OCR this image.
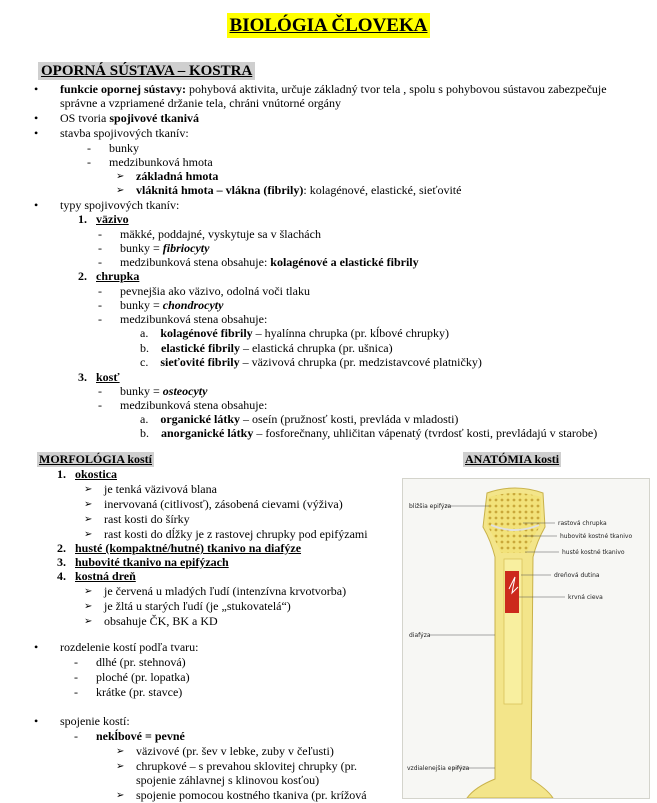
BIOLÓGIA ČLOVEKA
OPORNÁ SÚSTAVA – KOSTRA
• funkcie opornej sústavy: pohybová aktivita, určuje základný tvor tela , spolu s pohybovou sústavou zabezpečuje
správne a vzpriamené držanie tela, chráni vnútorné orgány
• OS tvoria spojivové tkanivá
• stavba spojivových tkanív:
- bunky
- medzibunková hmota
➢ základná hmota
➢ vláknitá hmota – vlákna (fibrily): kolagénové, elastické, sieťovité
• typy spojivových tkanív:
1. väzivo
- mäkké, poddajné, vyskytuje sa v šlachách
- bunky = fibriocyty
- medzibunková stena obsahuje: kolagénové a elastické fibrily
2. chrupka
- pevnejšia ako väzivo, odolná voči tlaku
- bunky = chondrocyty
- medzibunková stena obsahuje:
a. kolagénové fibrily – hyalínna chrupka (pr. kĺbové chrupky)
b. elastické fibrily – elastická chrupka (pr. ušnica)
c. sieťovité fibrily – väzivová chrupka (pr. medzistavcové platničky)
3. kosť
- bunky = osteocyty
- medzibunková stena obsahuje:
a. organické látky – oseín (pružnosť kosti, prevláda v mladosti)
b. anorganické látky – fosforečnany, uhličitan vápenatý (tvrdosť kosti, prevládajú v starobe)
MORFOLÓGIA kostí	ANATÓMIA kosti
1. okostica
➢ je tenká väzivová blana
➢ inervovaná (citlivosť), zásobená cievami (výživa)
➢ rast kosti do šírky
➢ rast kosti do dĺžky je z rastovej chrupky pod epifýzami
2. husté (kompaktné/hutné) tkanivo na diafýze
3. hubovité tkanivo na epifýzach
4. kostná dreň
➢ je červená u mladých ľudí (intenzívna krvotvorba)
➢ je žltá u starých ľudí (je „stukovatelá“)
➢ obsahuje ČK, BK a KD
• rozdelenie kostí podľa tvaru:
- dlhé (pr. stehnová)
- ploché (pr. lopatka)
- krátke (pr. stavce)
• spojenie kostí:
- nekĺbové = pevné
➢ väzivové (pr. šev v lebke, zuby v čeľusti)
➢ chrupkové – s prevahou sklovitej chrupky (pr.
spojenie záhlavnej s klinovou kosťou)
➢ spojenie pomocou kostného tkaniva (pr. krížová
bližšia epifýza
rastová chrupka
hubovité kostné tkanivo
husté kostné tkanivo
dreňová dutina
krvná cieva
diafýza
vzdialenejšia epifýza
